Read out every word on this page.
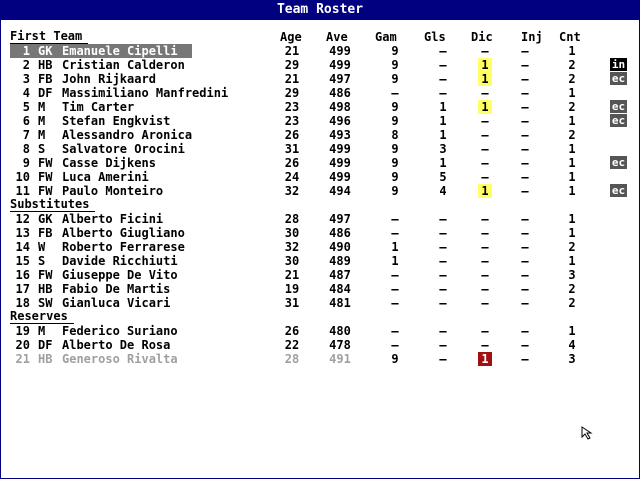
Team Roster
Age Ave Gam Gls Dic Inj Cnt
First Team
1 GK Emanuele Cipelli	21	499	9	–	–	–	1
2 HB Cristian Calderon	29	499	9	–	1	–	2	in
3 FB John Rijkaard	21	497	9	–	1	–	2	ec
4 DF Massimiliano Manfredini	29	486	–	–	–	–	1
5 M Tim Carter	23	498	9	1	1	–	2	ec
6 M Stefan Engkvist	23	496	9	1	–	–	1	ec
7 M Alessandro Aronica	26	493	8	1	–	–	2
8 S Salvatore Orocini	31	499	9	3	–	–	1
9 FW Casse Dijkens	26	499	9	1	–	–	1	ec
10 FW Luca Amerini	24	499	9	5	–	–	1
11 FW Paulo Monteiro	32	494	9	4	1	–	1	ec
Substitutes
12 GK Alberto Ficini	28	497	–	–	–	–	1
13 FB Alberto Giugliano	30	486	–	–	–	–	1
14 W Roberto Ferrarese	32	490	1	–	–	–	2
15 S Davide Ricchiuti	30	489	1	–	–	–	1
16 FW Giuseppe De Vito	21	487	–	–	–	–	3
17 HB Fabio De Martis	19	484	–	–	–	–	2
18 SW Gianluca Vicari	31	481	–	–	–	–	2
Reserves
19 M Federico Suriano	26	480	–	–	–	–	1
20 DF Alberto De Rosa	22	478	–	–	–	–	4
21 HB Generoso Rivalta	28	491	9	–	1	–	3
